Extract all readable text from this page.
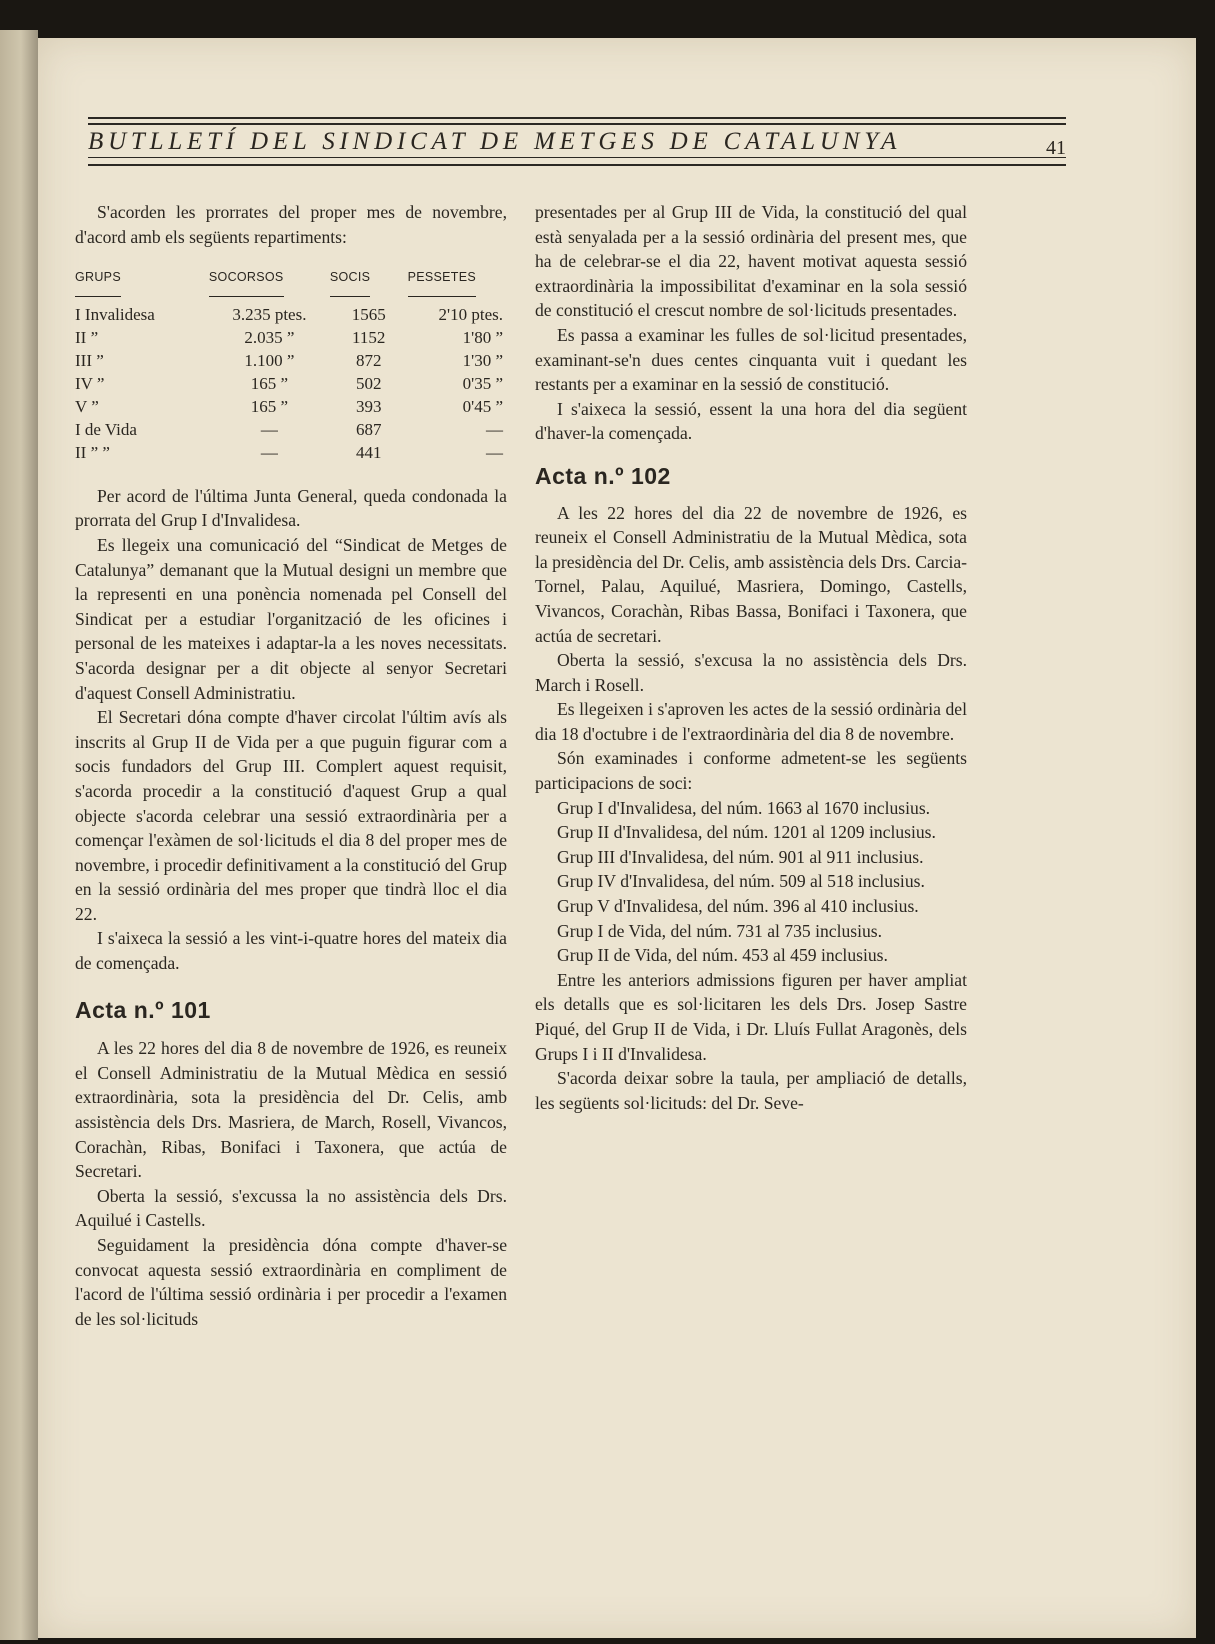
BUTLLETÍ DEL SINDICAT DE METGES DE CATALUNYA	41

S'acorden les prorrates del proper mes de novembre, d'acord amb els següents repartiments:

GRUPS	SOCORSOS	SOCIS	PESSETES
I Invalidesa	3.235 ptes.	1565	2'10 ptes.
II ”	2.035 ”	1152	1'80 ”
III ”	1.100 ”	872	1'30 ”
IV ”	165 ”	502	0'35 ”
V ”	165 ”	393	0'45 ”
I de Vida	—	687	—
II ” ”	—	441	—

Per acord de l'última Junta General, queda condonada la prorrata del Grup I d'Invalidesa.

Es llegeix una comunicació del “Sindicat de Metges de Catalunya” demanant que la Mutual designi un membre que la representi en una ponència nomenada pel Consell del Sindicat per a estudiar l'organització de les oficines i personal de les mateixes i adaptar-la a les noves necessitats. S'acorda designar per a dit objecte al senyor Secretari d'aquest Consell Administratiu.

El Secretari dóna compte d'haver circolat l'últim avís als inscrits al Grup II de Vida per a que puguin figurar com a socis fundadors del Grup III. Complert aquest requisit, s'acorda procedir a la constitució d'aquest Grup a qual objecte s'acorda celebrar una sessió extraordinària per a començar l'exàmen de sol·licituds el dia 8 del proper mes de novembre, i procedir definitivament a la constitució del Grup en la sessió ordinària del mes proper que tindrà lloc el dia 22.

I s'aixeca la sessió a les vint-i-quatre hores del mateix dia de començada.

Acta n.º 101

A les 22 hores del dia 8 de novembre de 1926, es reuneix el Consell Administratiu de la Mutual Mèdica en sessió extraordinària, sota la presidència del Dr. Celis, amb assistència dels Drs. Masriera, de March, Rosell, Vivancos, Corachàn, Ribas, Bonifaci i Taxonera, que actúa de Secretari.

Oberta la sessió, s'excussa la no assistència dels Drs. Aquilué i Castells.

Seguidament la presidència dóna compte d'haver-se convocat aquesta sessió extraordinària en compliment de l'acord de l'última sessió ordinària i per procedir a l'examen de les sol·licituds

presentades per al Grup III de Vida, la constitució del qual està senyalada per a la sessió ordinària del present mes, que ha de celebrar-se el dia 22, havent motivat aquesta sessió extraordinària la impossibilitat d'examinar en la sola sessió de constitució el crescut nombre de sol·licituds presentades.

Es passa a examinar les fulles de sol·licitud presentades, examinant-se'n dues centes cinquanta vuit i quedant les restants per a examinar en la sessió de constitució.

I s'aixeca la sessió, essent la una hora del dia següent d'haver-la començada.

Acta n.º 102

A les 22 hores del dia 22 de novembre de 1926, es reuneix el Consell Administratiu de la Mutual Mèdica, sota la presidència del Dr. Celis, amb assistència dels Drs. Carcia-Tornel, Palau, Aquilué, Masriera, Domingo, Castells, Vivancos, Corachàn, Ribas Bassa, Bonifaci i Taxonera, que actúa de secretari.

Oberta la sessió, s'excusa la no assistència dels Drs. March i Rosell.

Es llegeixen i s'aproven les actes de la sessió ordinària del dia 18 d'octubre i de l'extraordinària del dia 8 de novembre.

Són examinades i conforme admetent-se les següents participacions de soci:

Grup I d'Invalidesa, del núm. 1663 al 1670 inclusius.

Grup II d'Invalidesa, del núm. 1201 al 1209 inclusius.

Grup III d'Invalidesa, del núm. 901 al 911 inclusius.

Grup IV d'Invalidesa, del núm. 509 al 518 inclusius.

Grup V d'Invalidesa, del núm. 396 al 410 inclusius.

Grup I de Vida, del núm. 731 al 735 inclusius.

Grup II de Vida, del núm. 453 al 459 inclusius.

Entre les anteriors admissions figuren per haver ampliat els detalls que es sol·licitaren les dels Drs. Josep Sastre Piqué, del Grup II de Vida, i Dr. Lluís Fullat Aragonès, dels Grups I i II d'Invalidesa.

S'acorda deixar sobre la taula, per ampliació de detalls, les següents sol·licituds: del Dr. Seve-
